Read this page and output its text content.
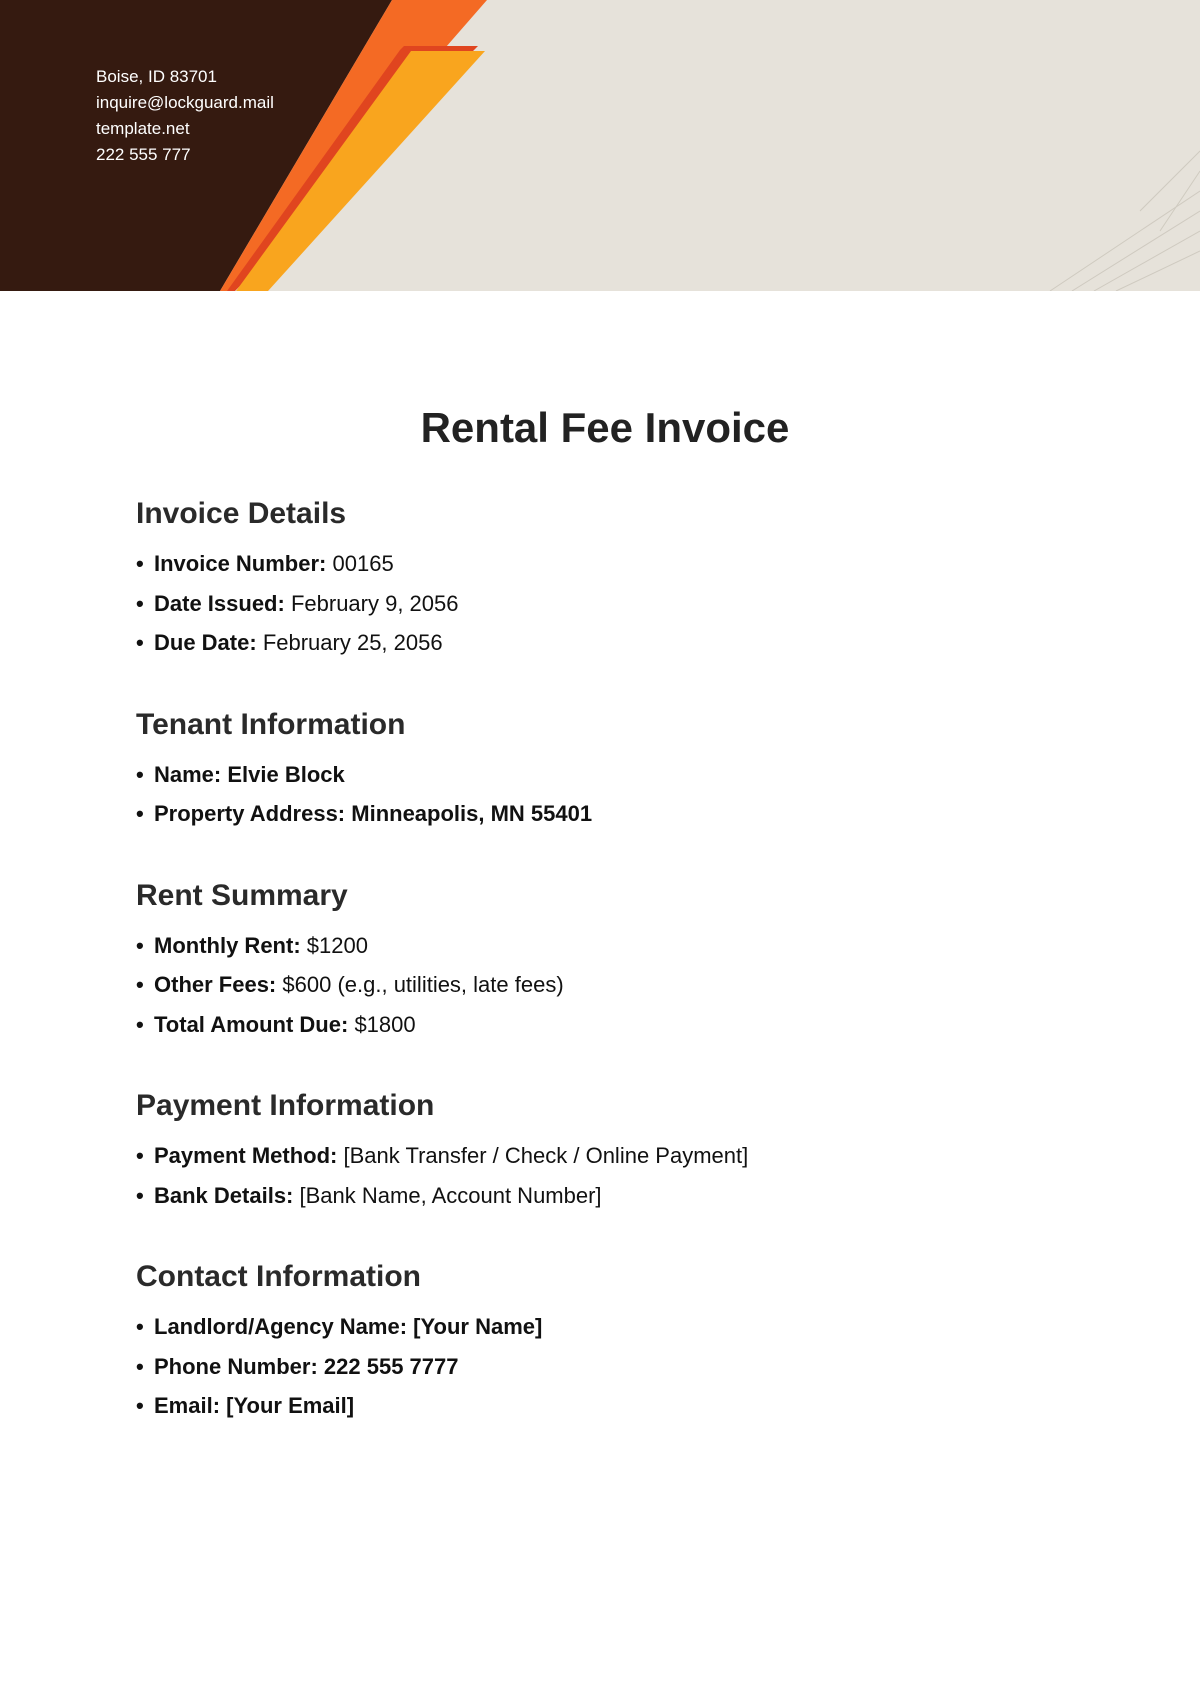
Boise, ID 83701
inquire@lockguard.mail
template.net
222 555 777
Rental Fee Invoice
Invoice Details
• Invoice Number: 00165
• Date Issued: February 9, 2056
• Due Date: February 25, 2056
Tenant Information
• Name: Elvie Block
• Property Address: Minneapolis, MN 55401
Rent Summary
• Monthly Rent: $1200
• Other Fees: $600 (e.g., utilities, late fees)
• Total Amount Due: $1800
Payment Information
• Payment Method: [Bank Transfer / Check / Online Payment]
• Bank Details: [Bank Name, Account Number]
Contact Information
• Landlord/Agency Name: [Your Name]
• Phone Number: 222 555 7777
• Email: [Your Email]
